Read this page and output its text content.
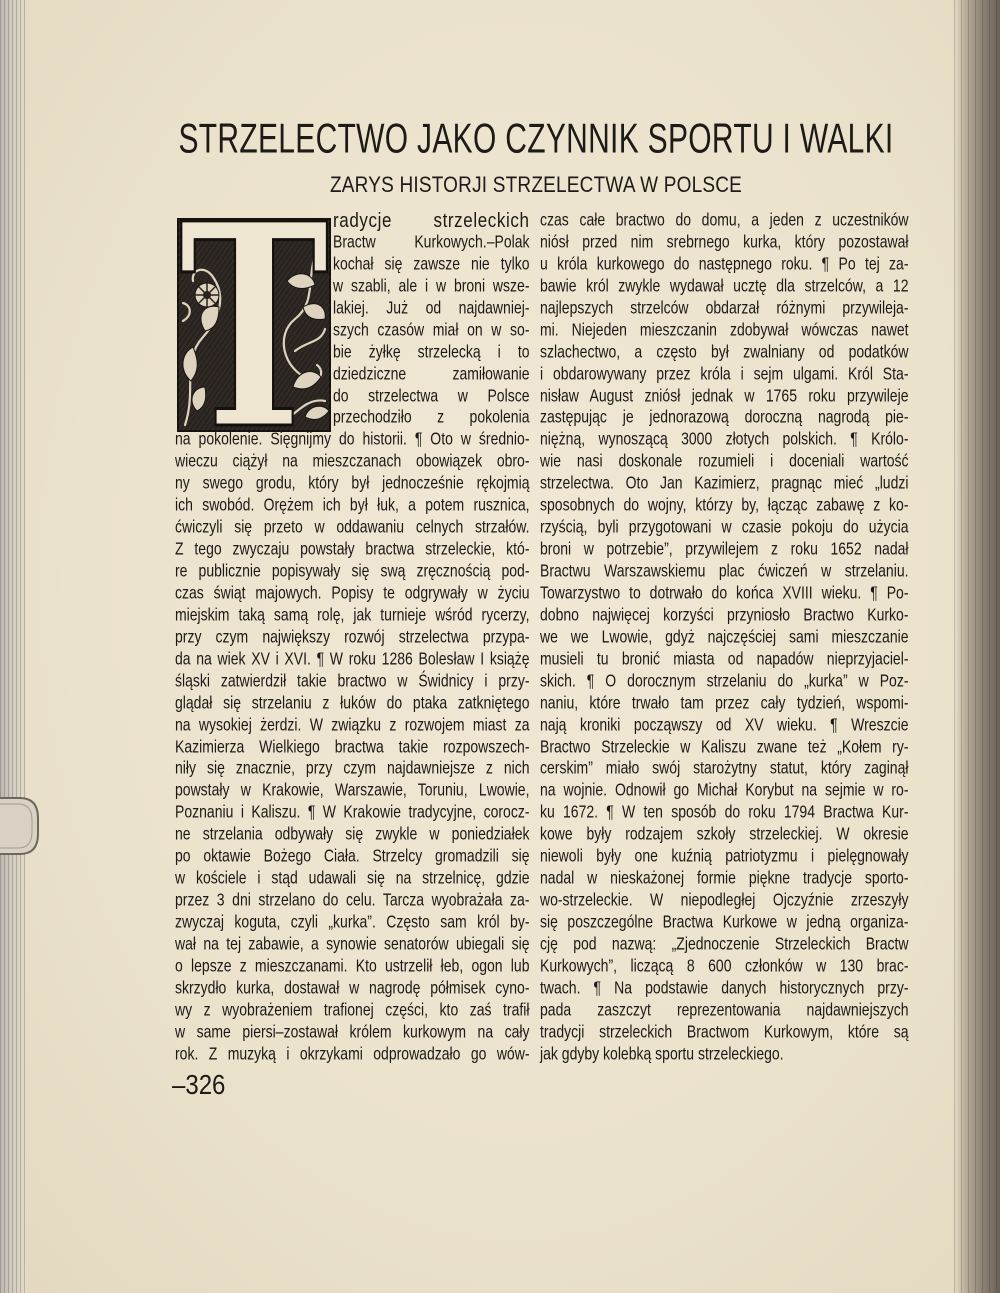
STRZELECTWO JAKO CZYNNIK SPORTU I WALKI
ZARYS HISTORJI STRZELECTWA W POLSCE
T radycje strzeleckich
Bractw Kurkowych.–Polak
kochał się zawsze nie tylko
w szabli, ale i w broni wsze-
lakiej. Już od najdawniej-
szych czasów miał on w so-
bie żyłkę strzelecką i to
dziedziczne zamiłowanie
do strzelectwa w Polsce
przechodziło z pokolenia
na pokolenie. Sięgnijmy do historii. ¶ Oto w średnio-
wieczu ciążył na mieszczanach obowiązek obro-
ny swego grodu, który był jednocześnie rękojmią
ich swobód. Orężem ich był łuk, a potem rusznica,
ćwiczyli się przeto w oddawaniu celnych strzałów.
Z tego zwyczaju powstały bractwa strzeleckie, któ-
re publicznie popisywały się swą zręcznością pod-
czas świąt majowych. Popisy te odgrywały w życiu
miejskim taką samą rolę, jak turnieje wśród rycerzy,
przy czym największy rozwój strzelectwa przypa-
da na wiek XV i XVI. ¶ W roku 1286 Bolesław I książę
śląski zatwierdził takie bractwo w Świdnicy i przy-
glądał się strzelaniu z łuków do ptaka zatkniętego
na wysokiej żerdzi. W związku z rozwojem miast za
Kazimierza Wielkiego bractwa takie rozpowszech-
niły się znacznie, przy czym najdawniejsze z nich
powstały w Krakowie, Warszawie, Toruniu, Lwowie,
Poznaniu i Kaliszu. ¶ W Krakowie tradycyjne, corocz-
ne strzelania odbywały się zwykle w poniedziałek
po oktawie Bożego Ciała. Strzelcy gromadzili się
w kościele i stąd udawali się na strzelnicę, gdzie
przez 3 dni strzelano do celu. Tarcza wyobrażała za-
zwyczaj koguta, czyli „kurka”. Często sam król by-
wał na tej zabawie, a synowie senatorów ubiegali się
o lepsze z mieszczanami. Kto ustrzelił łeb, ogon lub
skrzydło kurka, dostawał w nagrodę półmisek cyno-
wy z wyobrażeniem trafionej części, kto zaś trafił
w same piersi–zostawał królem kurkowym na cały
rok. Z muzyką i okrzykami odprowadzało go wów-
czas całe bractwo do domu, a jeden z uczestników
niósł przed nim srebrnego kurka, który pozostawał
u króla kurkowego do następnego roku. ¶ Po tej za-
bawie król zwykle wydawał ucztę dla strzelców, a 12
najlepszych strzelców obdarzał różnymi przywileja-
mi. Niejeden mieszczanin zdobywał wówczas nawet
szlachectwo, a często był zwalniany od podatków
i obdarowywany przez króla i sejm ulgami. Król Sta-
nisław August zniósł jednak w 1765 roku przywileje
zastępując je jednorazową doroczną nagrodą pie-
niężną, wynoszącą 3000 złotych polskich. ¶ Królo-
wie nasi doskonale rozumieli i doceniali wartość
strzelectwa. Oto Jan Kazimierz, pragnąc mieć „ludzi
sposobnych do wojny, którzy by, łącząc zabawę z ko-
rzyścią, byli przygotowani w czasie pokoju do użycia
broni w potrzebie”, przywilejem z roku 1652 nadał
Bractwu Warszawskiemu plac ćwiczeń w strzelaniu.
Towarzystwo to dotrwało do końca XVIII wieku. ¶ Po-
dobno najwięcej korzyści przyniosło Bractwo Kurko-
we we Lwowie, gdyż najczęściej sami mieszczanie
musieli tu bronić miasta od napadów nieprzyjaciel-
skich. ¶ O dorocznym strzelaniu do „kurka” w Poz-
naniu, które trwało tam przez cały tydzień, wspomi-
nają kroniki począwszy od XV wieku. ¶ Wreszcie
Bractwo Strzeleckie w Kaliszu zwane też „Kołem ry-
cerskim” miało swój starożytny statut, który zaginął
na wojnie. Odnowił go Michał Korybut na sejmie w ro-
ku 1672. ¶ W ten sposób do roku 1794 Bractwa Kur-
kowe były rodzajem szkoły strzeleckiej. W okresie
niewoli były one kuźnią patriotyzmu i pielęgnowały
nadal w nieskażonej formie piękne tradycje sporto-
wo-strzeleckie. W niepodległej Ojczyźnie zrzeszyły
się poszczególne Bractwa Kurkowe w jedną organiza-
cję pod nazwą: „Zjednoczenie Strzeleckich Bractw
Kurkowych”, liczącą 8 600 członków w 130 brac-
twach. ¶ Na podstawie danych historycznych przy-
pada zaszczyt reprezentowania najdawniejszych
tradycji strzeleckich Bractwom Kurkowym, które są
jak gdyby kolebką sportu strzeleckiego.
–326
